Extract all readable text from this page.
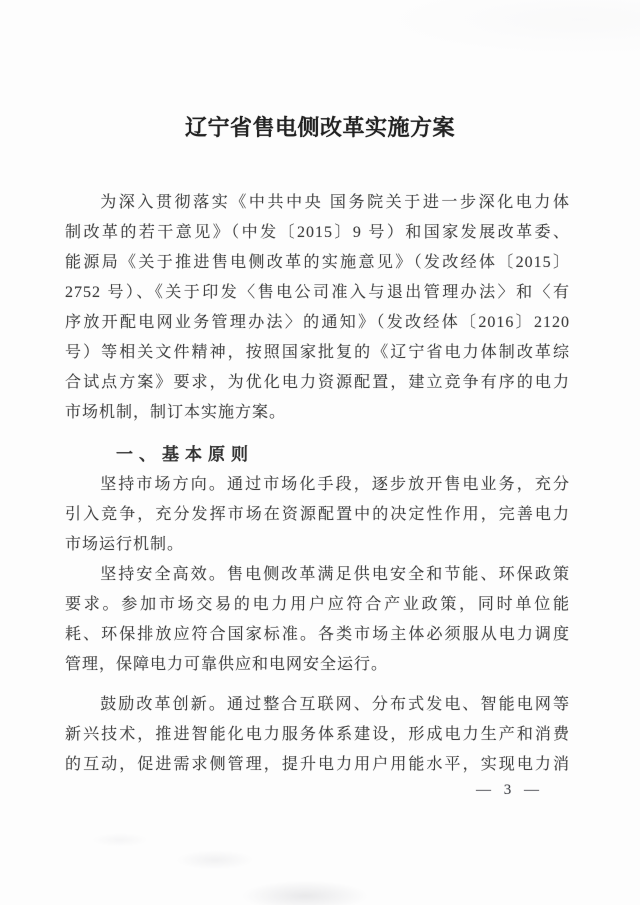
辽宁省售电侧改革实施方案
为深入贯彻落实《中共中央 国务院关于进一步深化电力体
制改革的若干意见》（中发〔2015〕9 号）和国家发展改革委、
能源局《关于推进售电侧改革的实施意见》（发改经体〔2015〕
2752 号）、《关于印发〈售电公司准入与退出管理办法〉和〈有
序放开配电网业务管理办法〉的通知》（发改经体〔2016〕2120
号）等相关文件精神，按照国家批复的《辽宁省电力体制改革综
合试点方案》要求，为优化电力资源配置，建立竞争有序的电力
市场机制，制订本实施方案。
一、基本原则
坚持市场方向。通过市场化手段，逐步放开售电业务，充分
引入竞争，充分发挥市场在资源配置中的决定性作用，完善电力
市场运行机制。
坚持安全高效。售电侧改革满足供电安全和节能、环保政策
要求。参加市场交易的电力用户应符合产业政策，同时单位能
耗、环保排放应符合国家标准。各类市场主体必须服从电力调度
管理，保障电力可靠供应和电网安全运行。
鼓励改革创新。通过整合互联网、分布式发电、智能电网等
新兴技术，推进智能化电力服务体系建设，形成电力生产和消费
的互动，促进需求侧管理，提升电力用户用能水平，实现电力消
— 3 —
